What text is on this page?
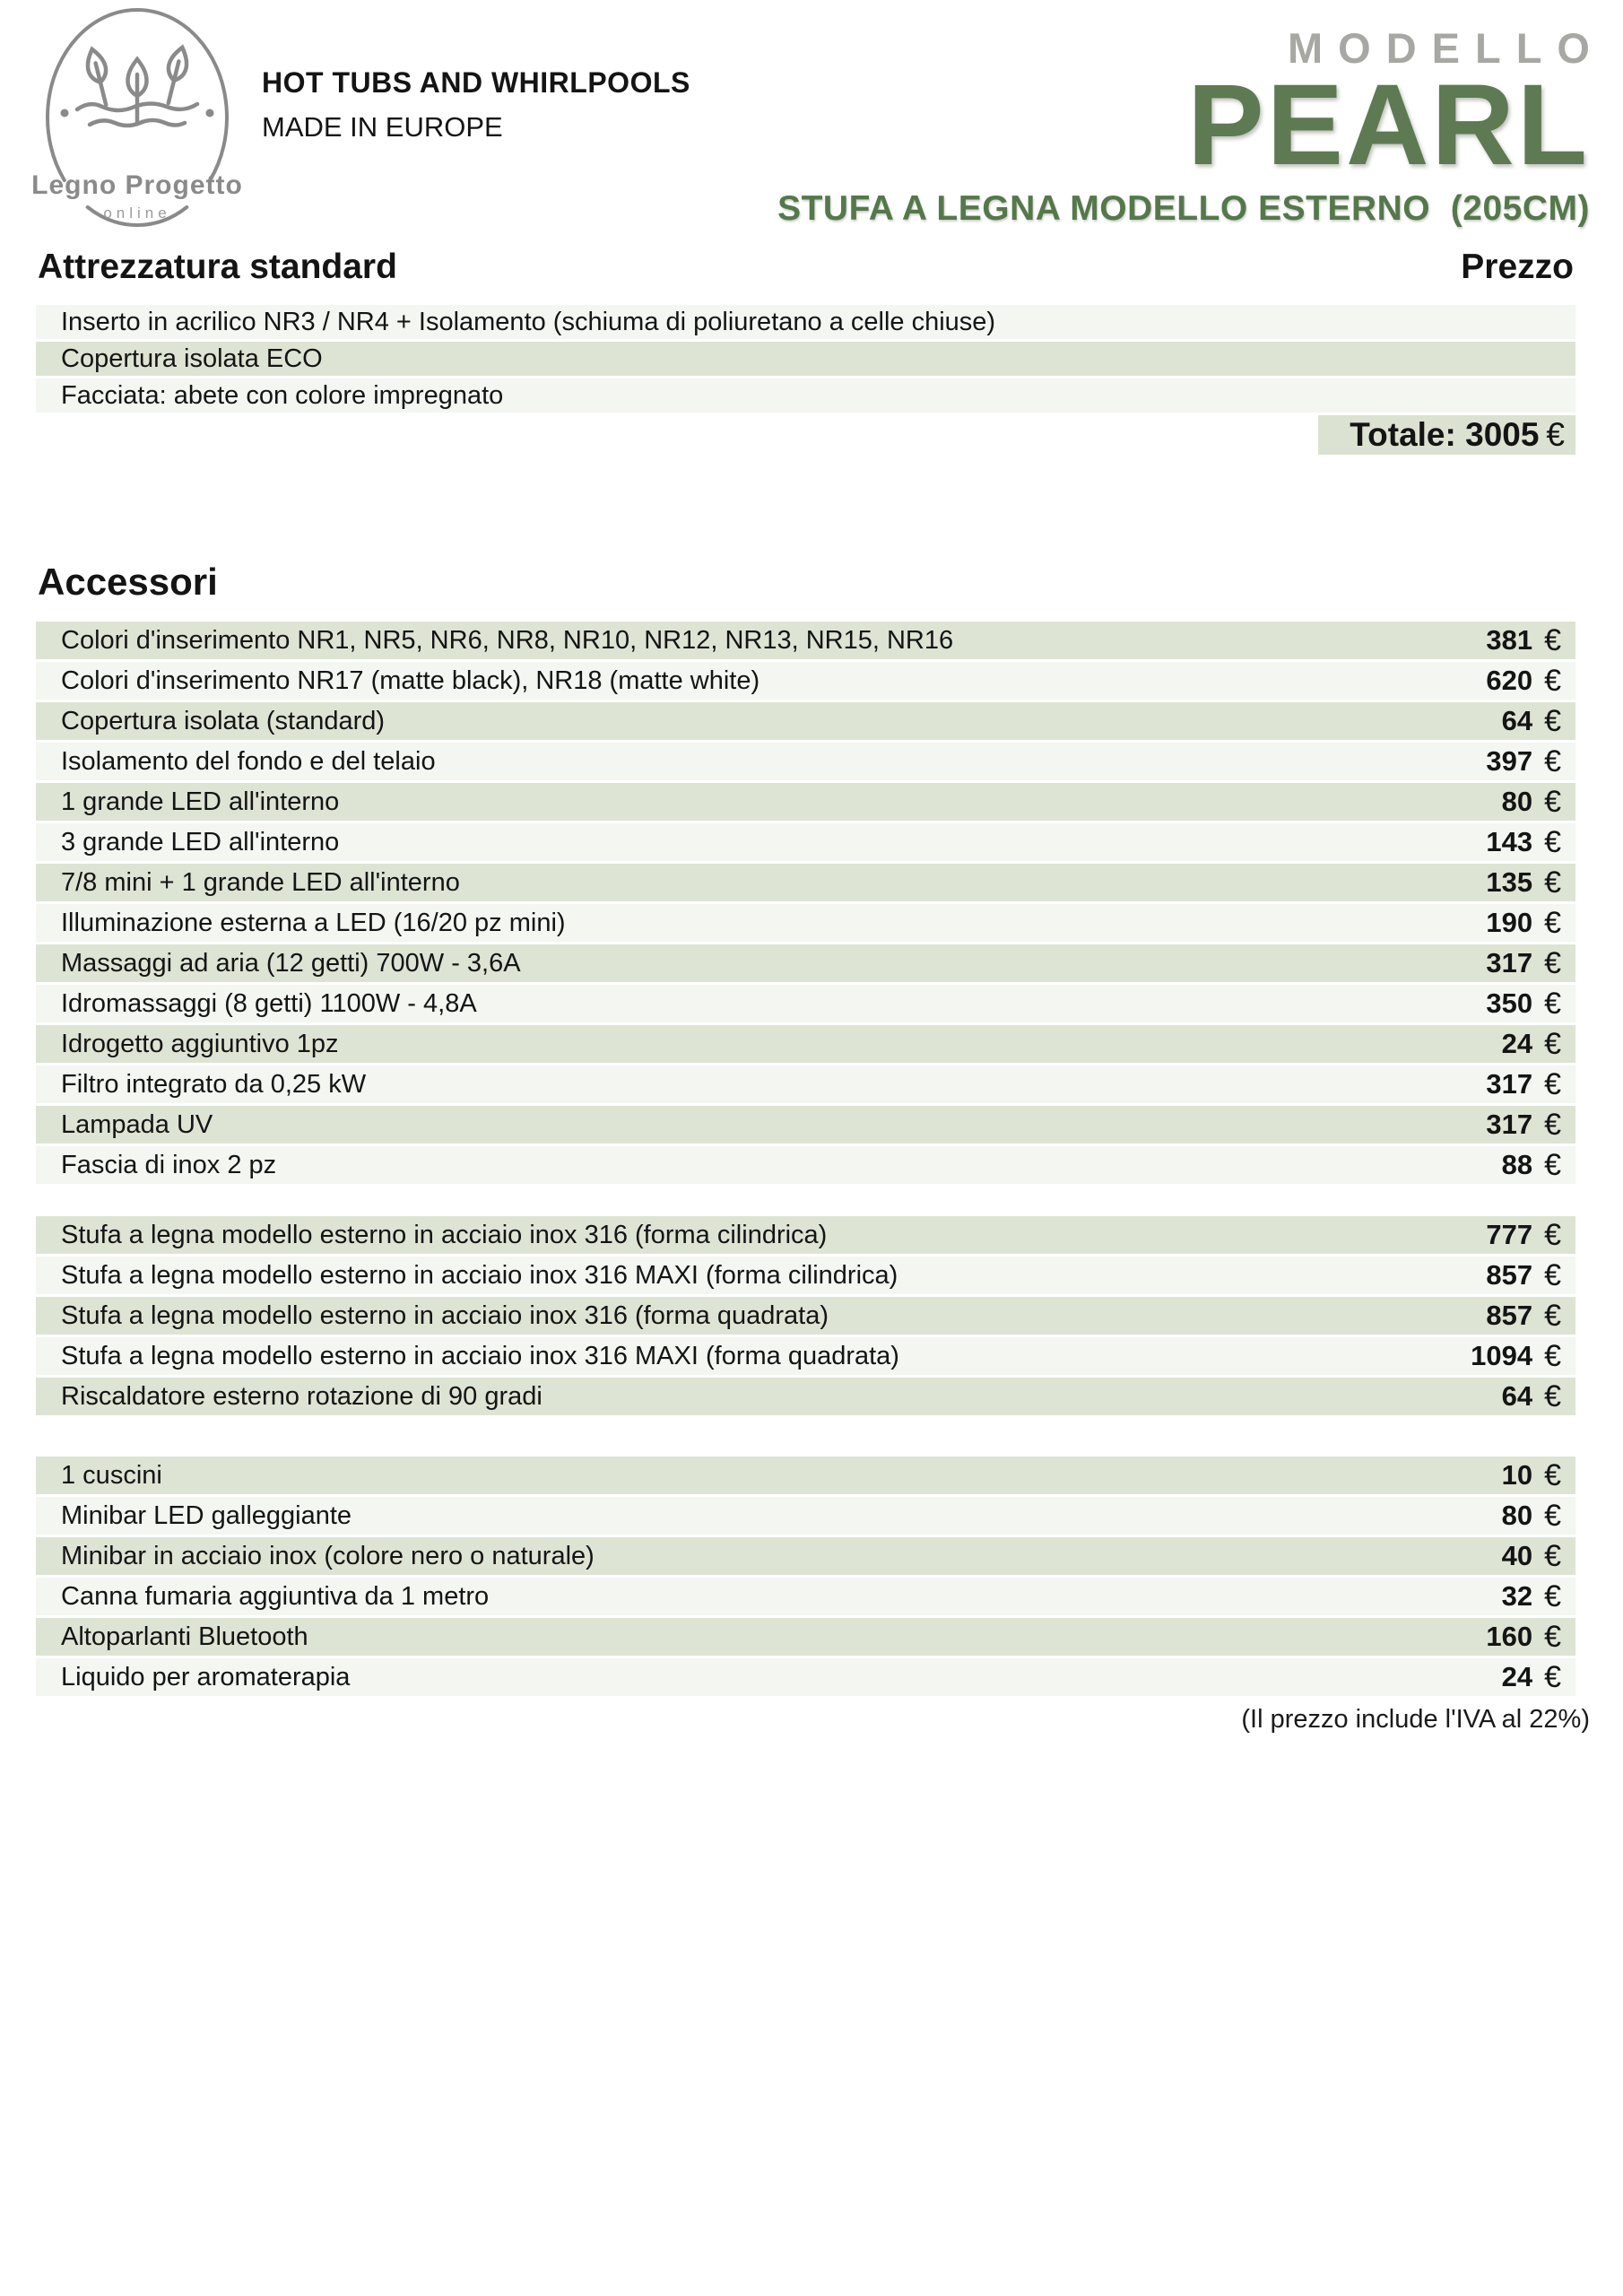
Legno Progetto
online
HOT TUBS AND WHIRLPOOLS
MADE IN EUROPE
MODELLO
PEARL
STUFA A LEGNA MODELLO ESTERNO  (205CM)
Attrezzatura standard	Prezzo
Inserto in acrilico NR3 / NR4 + Isolamento (schiuma di poliuretano a celle chiuse)
Copertura isolata ECO
Facciata: abete con colore impregnato
Totale: 3005 €
Accessori
Colori d'inserimento NR1, NR5, NR6, NR8, NR10, NR12, NR13, NR15, NR16	381 €
Colori d'inserimento NR17 (matte black), NR18 (matte white)	620 €
Copertura isolata (standard)	64 €
Isolamento del fondo e del telaio	397 €
1 grande LED all'interno	80 €
3 grande LED all'interno	143 €
7/8 mini + 1 grande LED all'interno	135 €
Illuminazione esterna a LED (16/20 pz mini)	190 €
Massaggi ad aria (12 getti) 700W - 3,6A	317 €
Idromassaggi (8 getti) 1100W - 4,8A	350 €
Idrogetto aggiuntivo 1pz	24 €
Filtro integrato da 0,25 kW	317 €
Lampada UV	317 €
Fascia di inox 2 pz	88 €
Stufa a legna modello esterno in acciaio inox 316 (forma cilindrica)	777 €
Stufa a legna modello esterno in acciaio inox 316 MAXI (forma cilindrica)	857 €
Stufa a legna modello esterno in acciaio inox 316 (forma quadrata)	857 €
Stufa a legna modello esterno in acciaio inox 316 MAXI (forma quadrata)	1094 €
Riscaldatore esterno rotazione di 90 gradi	64 €
1 cuscini	10 €
Minibar LED galleggiante	80 €
Minibar in acciaio inox (colore nero o naturale)	40 €
Canna fumaria aggiuntiva da 1 metro	32 €
Altoparlanti Bluetooth	160 €
Liquido per aromaterapia	24 €
(Il prezzo include l'IVA al 22%)
